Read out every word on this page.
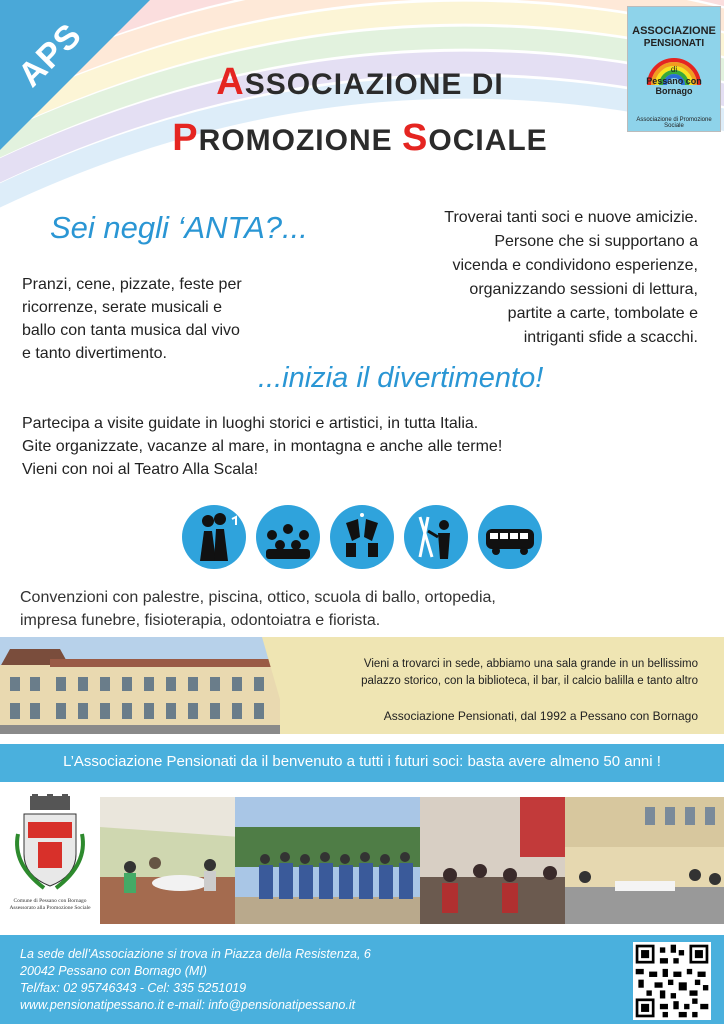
APS	ASSOCIAZIONE DI
PROMOZIONE SOCIALE
ASSOCIAZIONE
PENSIONATI
di
Pessano con Bornago
Associazione di Promozione Sociale
Sei negli ‘ANTA?...
Pranzi, cene, pizzate, feste per
ricorrenze, serate musicali e
ballo con tanta musica dal vivo
e tanto divertimento.
Troverai tanti soci e nuove amicizie.
Persone che si supportano a
vicenda e condividono esperienze,
organizzando sessioni di lettura,
partite a carte, tombolate e
intriganti sfide a scacchi.
...inizia il divertimento!
Partecipa a visite guidate in luoghi storici e artistici, in tutta Italia.
Gite organizzate, vacanze al mare, in montagna e anche alle terme!
Vieni con noi al Teatro Alla Scala!
Convenzioni con palestre, piscina, ottico, scuola di ballo, ortopedia,
impresa funebre, fisioterapia, odontoiatra e fiorista.
Vieni a trovarci in sede, abbiamo una sala grande in un bellissimo
palazzo storico, con la biblioteca, il bar, il calcio balilla e tanto altro
Associazione Pensionati, dal 1992 a Pessano con Bornago
L’Associazione Pensionati da il benvenuto a tutti i futuri soci: basta avere almeno 50 anni !
Comune di Pessano con Bornago
Assessorato alla Promozione Sociale
La sede dell’Associazione si trova in Piazza della Resistenza, 6
20042 Pessano con Bornago (MI)
Tel/fax: 02 95746343 - Cel: 335 5251019
www.pensionatipessano.it e-mail: info@pensionatipessano.it
